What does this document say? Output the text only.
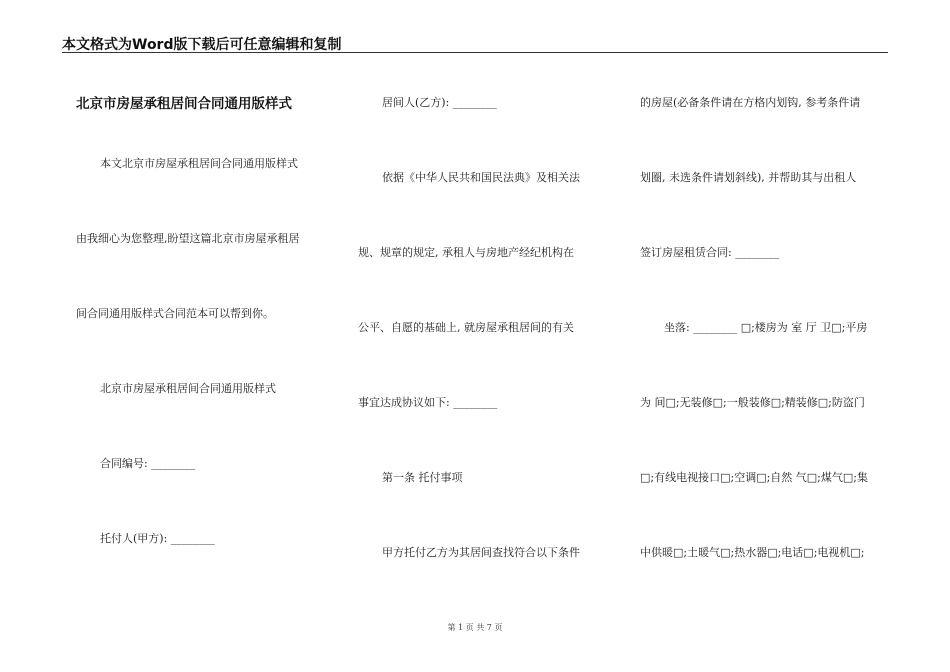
本文格式为Word版下载后可任意编辑和复制
北京市房屋承租居间合同通用版样式
本文北京市房屋承租居间合同通用版样式
由我细心为您整理,盼望这篇北京市房屋承租居
间合同通用版样式合同范本可以帮到你。
北京市房屋承租居间合同通用版样式
合同编号: ________
托付人(甲方): ________
居间人(乙方): ________
依据《中华人民共和国民法典》及相关法
规、规章的规定, 承租人与房地产经纪机构在
公平、自愿的基础上, 就房屋承租居间的有关
事宜达成协议如下: ________
第一条 托付事项
甲方托付乙方为其居间查找符合以下条件
的房屋(必备条件请在方格内划钩, 参考条件请
划圈, 未选条件请划斜线), 并帮助其与出租人
签订房屋租赁合同: ________
坐落: ________ □;楼房为 室 厅 卫□;平房
为 间□;无装修□;一般装修□;精装修□;防盗门
□;有线电视接口□;空调□;自然 气□;煤气□;集
中供暖□;土暖气□;热水器□;电话□;电视机□;
第 1 页 共 7 页
